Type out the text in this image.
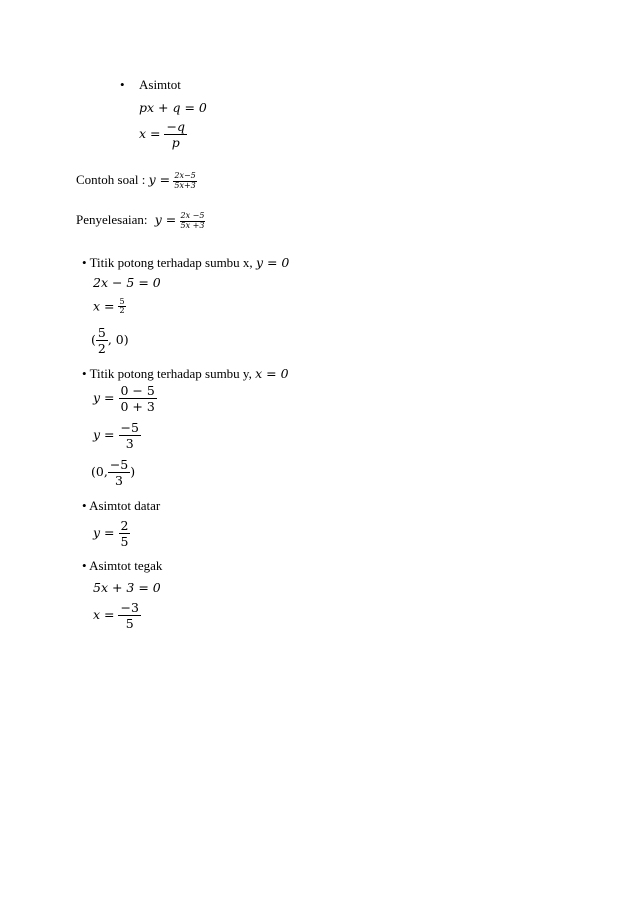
• Asimtot
px + q = 0
$x = \frac{-q}{p}$
Contoh soal : $y = \frac{2x-5}{5x+3}$
Penyelesaian: $y = \frac{2x -5}{5x +3}$
• Titik potong terhadap sumbu x, y = 0
2x − 5 = 0
$x = \frac{5}{2}$
( $\frac{5}{2}$ , 0)
• Titik potong terhadap sumbu y, x = 0
$y = \frac{0 - 5}{0 + 3}$
$y = \frac{-5}{3}$
(0, $\frac{-5}{3}$ )
• Asimtot datar
$y = \frac{2}{5}$
• Asimtot tegak
5x + 3 = 0
$x = \frac{-3}{5}$
